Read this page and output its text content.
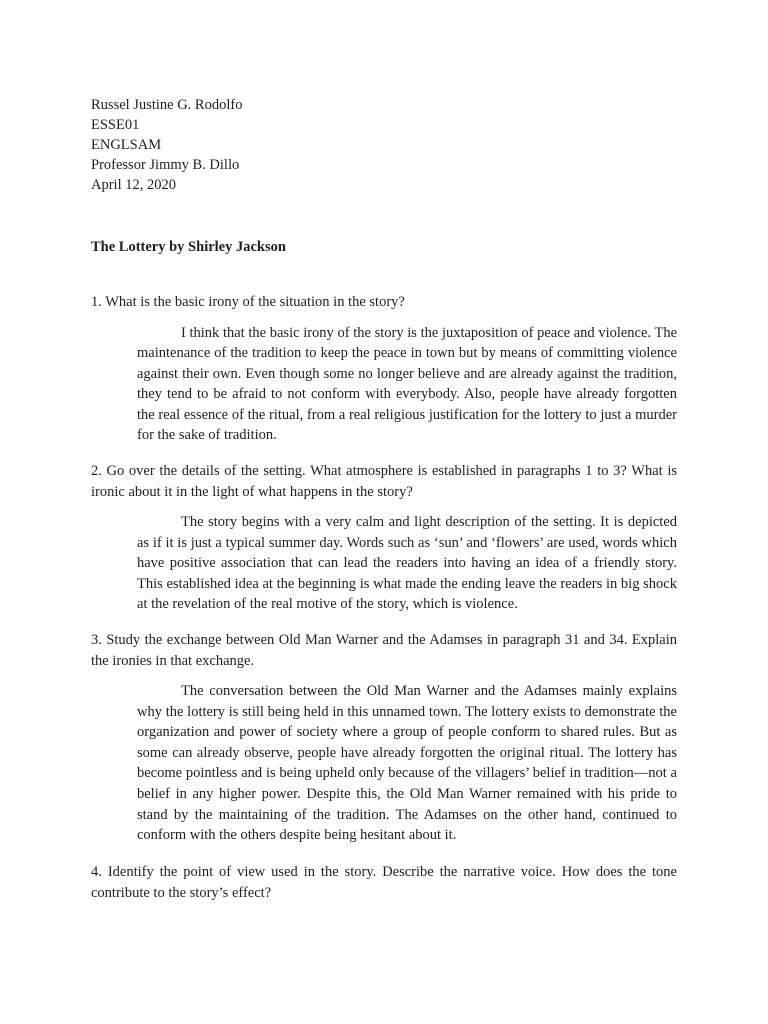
Russel Justine G. Rodolfo
ESSE01
ENGLSAM
Professor Jimmy B. Dillo
April 12, 2020
The Lottery by Shirley Jackson

1. What is the basic irony of the situation in the story?

I think that the basic irony of the story is the juxtaposition of peace and violence. The maintenance of the tradition to keep the peace in town but by means of committing violence against their own. Even though some no longer believe and are already against the tradition, they tend to be afraid to not conform with everybody. Also, people have already forgotten the real essence of the ritual, from a real religious justification for the lottery to just a murder for the sake of tradition.

2. Go over the details of the setting. What atmosphere is established in paragraphs 1 to 3? What is ironic about it in the light of what happens in the story?

The story begins with a very calm and light description of the setting. It is depicted as if it is just a typical summer day. Words such as ‘sun’ and ‘flowers’ are used, words which have positive association that can lead the readers into having an idea of a friendly story. This established idea at the beginning is what made the ending leave the readers in big shock at the revelation of the real motive of the story, which is violence.

3. Study the exchange between Old Man Warner and the Adamses in paragraph 31 and 34. Explain the ironies in that exchange.

The conversation between the Old Man Warner and the Adamses mainly explains why the lottery is still being held in this unnamed town. The lottery exists to demonstrate the organization and power of society where a group of people conform to shared rules. But as some can already observe, people have already forgotten the original ritual. The lottery has become pointless and is being upheld only because of the villagers’ belief in tradition—not a belief in any higher power. Despite this, the Old Man Warner remained with his pride to stand by the maintaining of the tradition. The Adamses on the other hand, continued to conform with the others despite being hesitant about it.

4. Identify the point of view used in the story. Describe the narrative voice. How does the tone contribute to the story’s effect?
